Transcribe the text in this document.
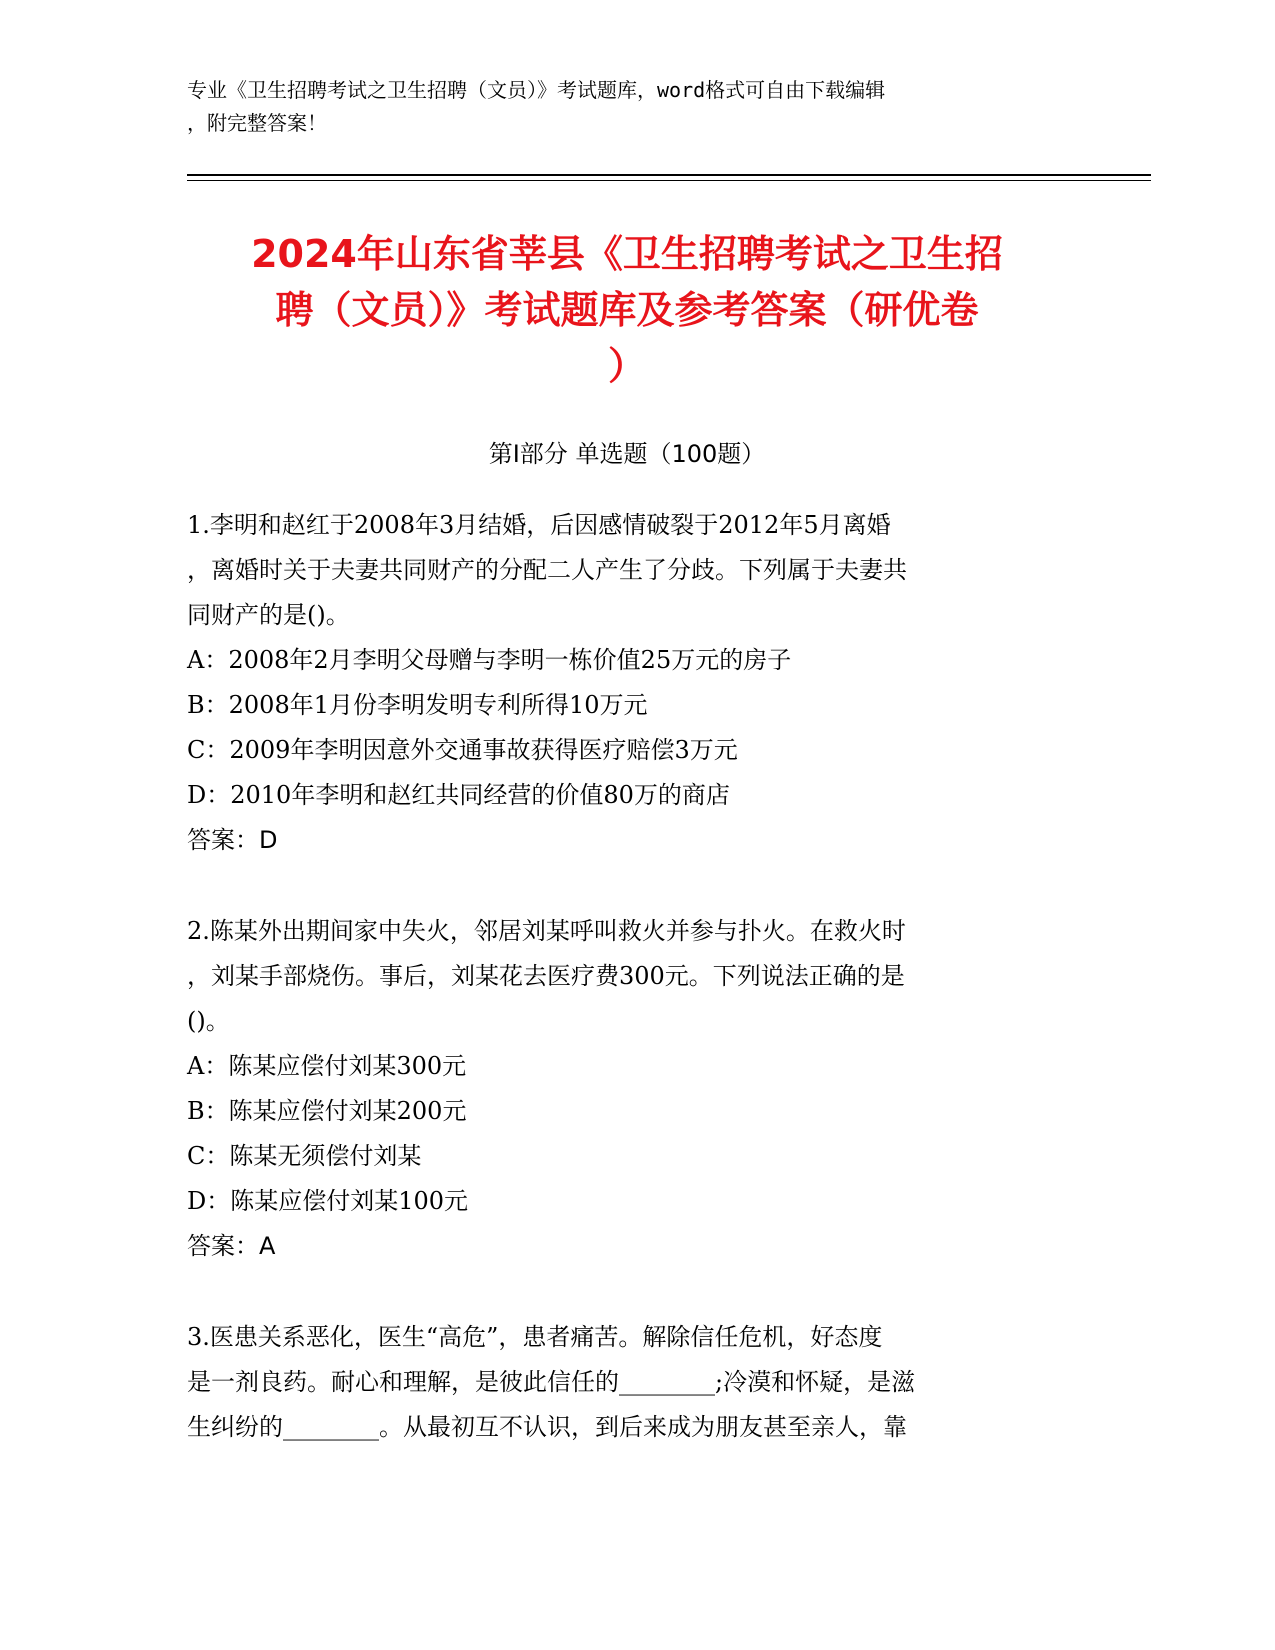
专业《卫生招聘考试之卫生招聘（文员）》考试题库，word格式可自由下载编辑
，附完整答案！
2024年山东省莘县《卫生招聘考试之卫生招
聘（文员）》考试题库及参考答案（研优卷
）
第Ⅰ部分 单选题（100题）
1.李明和赵红于2008年3月结婚，后因感情破裂于2012年5月离婚
，离婚时关于夫妻共同财产的分配二人产生了分歧。下列属于夫妻共
同财产的是()。
A：2008年2月李明父母赠与李明一栋价值25万元的房子
B：2008年1月份李明发明专利所得10万元
C：2009年李明因意外交通事故获得医疗赔偿3万元
D：2010年李明和赵红共同经营的价值80万的商店
答案：D
2.陈某外出期间家中失火，邻居刘某呼叫救火并参与扑火。在救火时
，刘某手部烧伤。事后，刘某花去医疗费300元。下列说法正确的是
()。
A：陈某应偿付刘某300元
B：陈某应偿付刘某200元
C：陈某无须偿付刘某
D：陈某应偿付刘某100元
答案：A
3.医患关系恶化，医生“高危”，患者痛苦。解除信任危机，好态度
是一剂良药。耐心和理解，是彼此信任的________;冷漠和怀疑，是滋
生纠纷的________。从最初互不认识，到后来成为朋友甚至亲人，靠
